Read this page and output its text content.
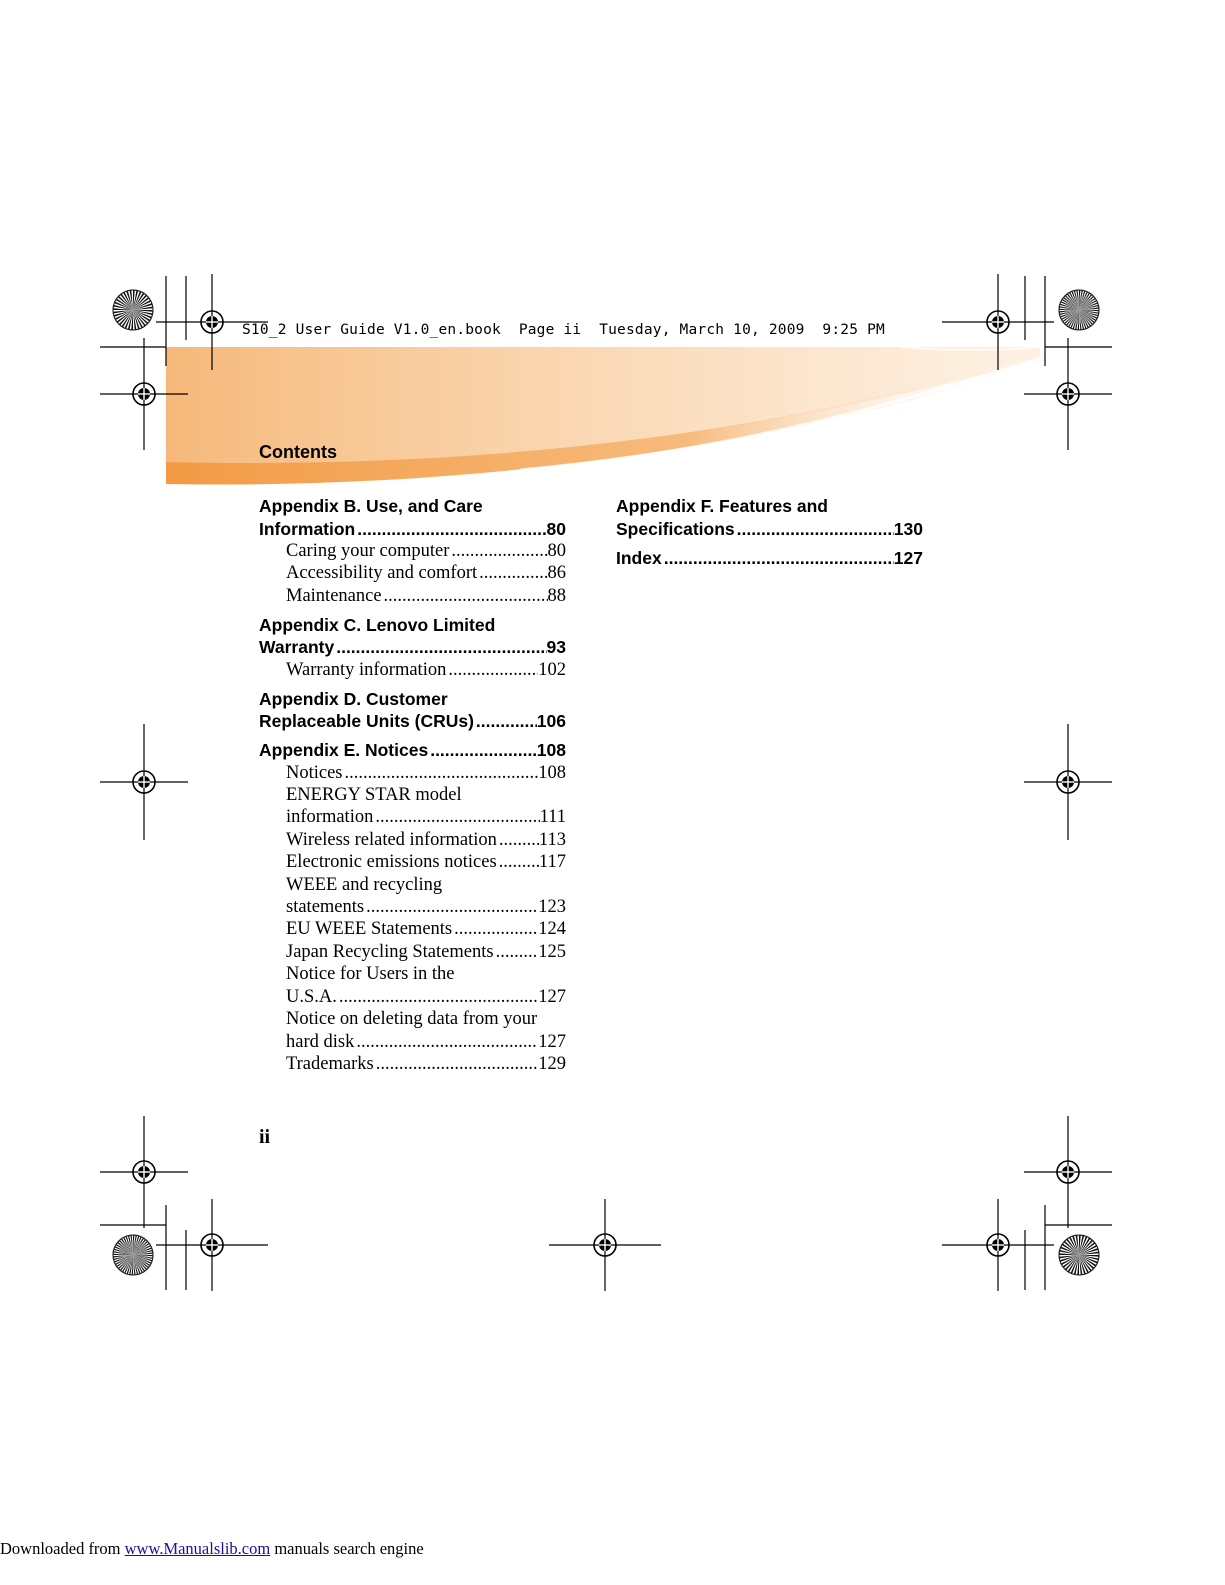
S10_2 User Guide V1.0_en.book  Page ii  Tuesday, March 10, 2009  9:25 PM
Contents
Appendix B. Use, and Care
Information .....	80
Caring your computer .....	80
Accessibility and comfort .....	86
Maintenance .....	88
Appendix C. Lenovo Limited
Warranty .....	93
Warranty information .....	102
Appendix D. Customer
Replaceable Units (CRUs) .....	106
Appendix E. Notices .....	108
Notices .....	108
ENERGY STAR model
information .....	111
Wireless related information ..... 113
Electronic emissions notices ..... 117
WEEE and recycling
statements .....	123
EU WEEE Statements .....	124
Japan Recycling Statements ..... 125
Notice for Users in the
U.S.A. .....	127
Notice on deleting data from your
hard disk .....	127
Trademarks .....	129
Appendix F. Features and
Specifications .....	130
Index .....	127
ii
Downloaded from www.Manualslib.com manuals search engine
